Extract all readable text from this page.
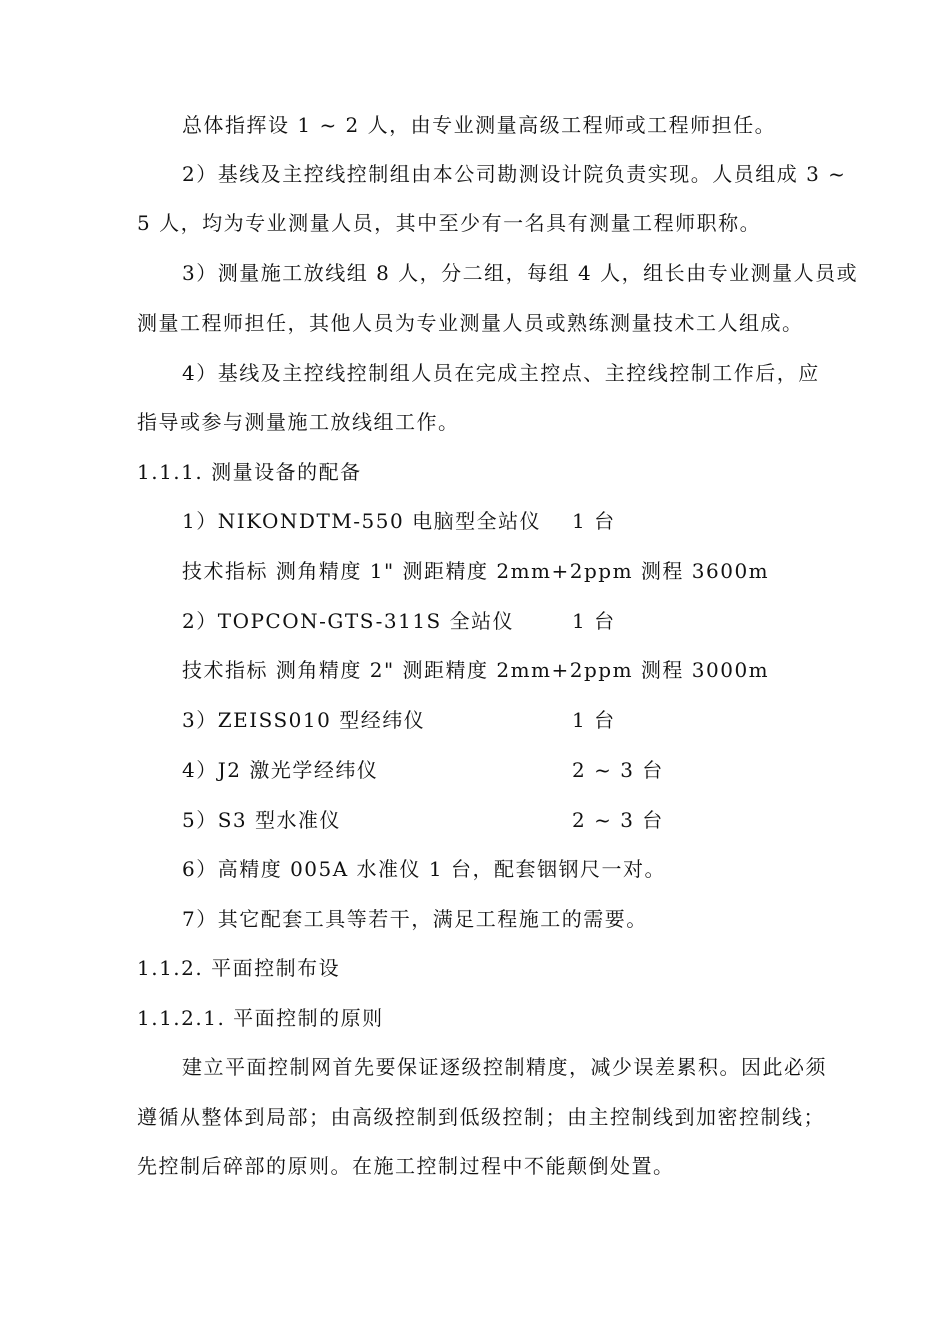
总体指挥设 1 ~ 2 人，由专业测量高级工程师或工程师担任。
2）基线及主控线控制组由本公司勘测设计院负责实现。人员组成 3 ~
5 人，均为专业测量人员，其中至少有一名具有测量工程师职称。
3）测量施工放线组 8 人，分二组，每组 4 人，组长由专业测量人员或
测量工程师担任，其他人员为专业测量人员或熟练测量技术工人组成。
4）基线及主控线控制组人员在完成主控点、主控线控制工作后，应
指导或参与测量施工放线组工作。
1.1.1. 测量设备的配备
1）NIKONDTM-550 电脑型全站仪 1 台
技术指标 测角精度 1" 测距精度 2mm+2ppm 测程 3600m
2）TOPCON-GTS-311S 全站仪	1 台
技术指标 测角精度 2" 测距精度 2mm+2ppm 测程 3000m
3）ZEISS010 型经纬仪	1 台
4）J2 激光学经纬仪	2 ~ 3 台
5）S3 型水准仪	2 ~ 3 台
6）高精度 005A 水准仪 1 台，配套铟钢尺一对。
7）其它配套工具等若干，满足工程施工的需要。
1.1.2. 平面控制布设
1.1.2.1. 平面控制的原则
建立平面控制网首先要保证逐级控制精度，减少误差累积。因此必须
遵循从整体到局部；由高级控制到低级控制；由主控制线到加密控制线；
先控制后碎部的原则。在施工控制过程中不能颠倒处置。
